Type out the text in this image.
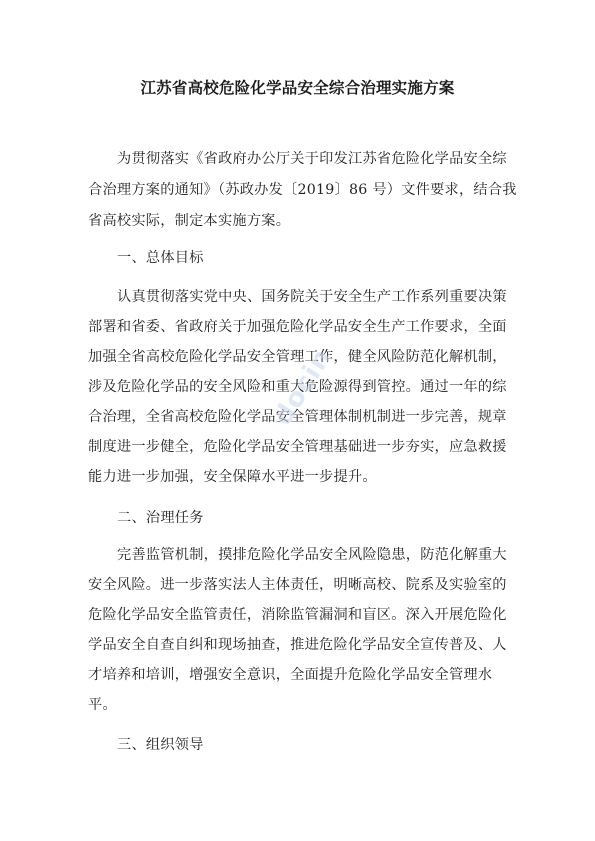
江苏省高校危险化学品安全综合治理实施方案
为贯彻落实《省政府办公厅关于印发江苏省危险化学品安全综
合治理方案的通知》（苏政办发〔2019〕86 号）文件要求，结合我
省高校实际，制定本实施方案。
一、总体目标
认真贯彻落实党中央、国务院关于安全生产工作系列重要决策
部署和省委、省政府关于加强危险化学品安全生产工作要求，全面
加强全省高校危险化学品安全管理工作，健全风险防范化解机制，
涉及危险化学品的安全风险和重大危险源得到管控。通过一年的综
合治理，全省高校危险化学品安全管理体制机制进一步完善，规章
制度进一步健全，危险化学品安全管理基础进一步夯实，应急救援
能力进一步加强，安全保障水平进一步提升。
二、治理任务
完善监管机制，摸排危险化学品安全风险隐患，防范化解重大
安全风险。进一步落实法人主体责任，明晰高校、院系及实验室的
危险化学品安全监管责任，消除监管漏洞和盲区。深入开展危险化
学品安全自查自纠和现场抽查，推进危险化学品安全宣传普及、人
才培养和培训，增强安全意识，全面提升危险化学品安全管理水
平。
三、组织领导
docin
